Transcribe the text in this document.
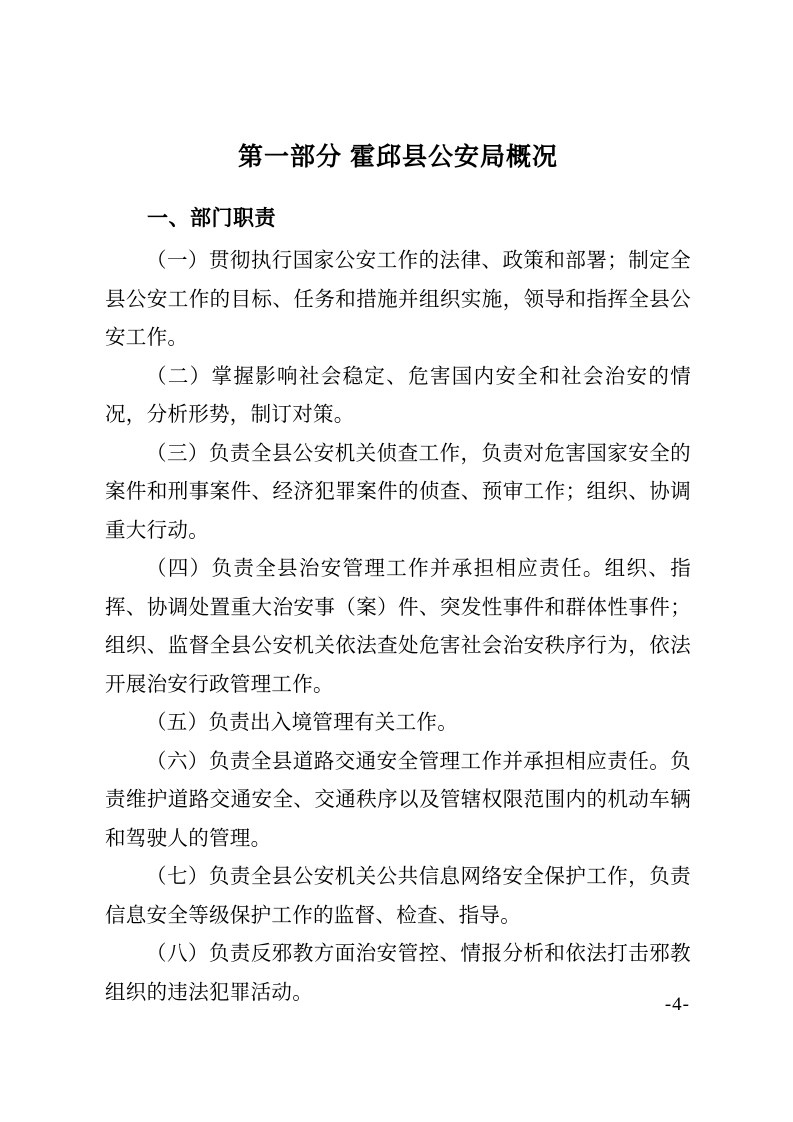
第一部分 霍邱县公安局概况
一、部门职责

（一）贯彻执行国家公安工作的法律、政策和部署；制定全县公安工作的目标、任务和措施并组织实施，领导和指挥全县公安工作。

（二）掌握影响社会稳定、危害国内安全和社会治安的情况，分析形势，制订对策。

（三）负责全县公安机关侦查工作，负责对危害国家安全的案件和刑事案件、经济犯罪案件的侦查、预审工作；组织、协调重大行动。

（四）负责全县治安管理工作并承担相应责任。组织、指挥、协调处置重大治安事（案）件、突发性事件和群体性事件；组织、监督全县公安机关依法查处危害社会治安秩序行为，依法开展治安行政管理工作。

（五）负责出入境管理有关工作。

（六）负责全县道路交通安全管理工作并承担相应责任。负责维护道路交通安全、交通秩序以及管辖权限范围内的机动车辆和驾驶人的管理。

（七）负责全县公安机关公共信息网络安全保护工作，负责信息安全等级保护工作的监督、检查、指导。

（八）负责反邪教方面治安管控、情报分析和依法打击邪教组织的违法犯罪活动。

-4-
